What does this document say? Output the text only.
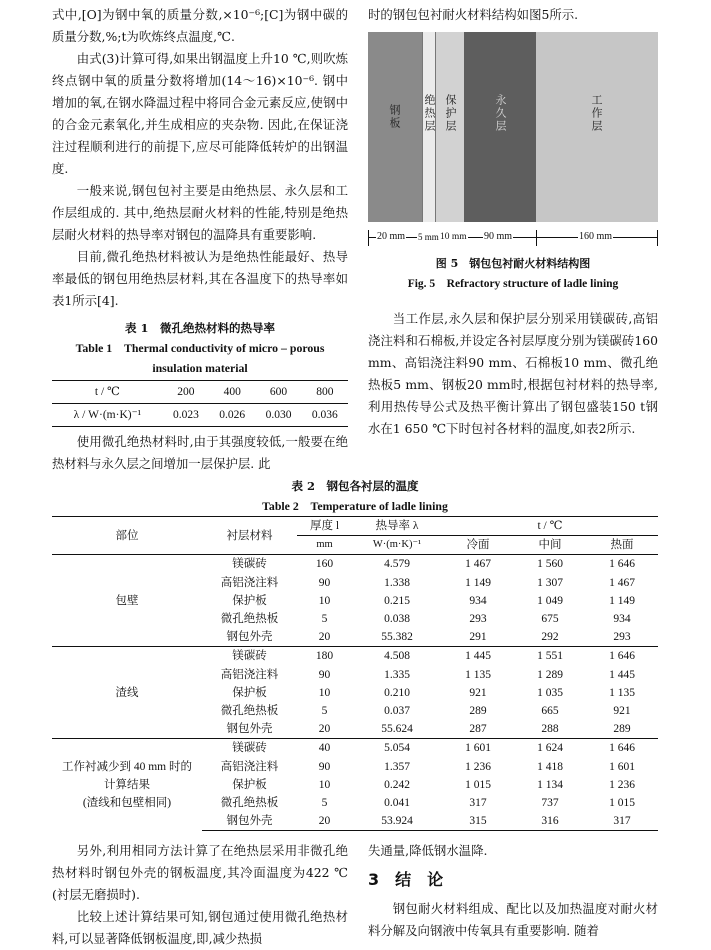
式中,[O]为钢中氧的质量分数,×10⁻⁶;[C]为钢中碳的质量分数,%;t为吹炼终点温度,℃.

由式(3)计算可得,如果出钢温度上升10 ℃,则吹炼终点钢中氧的质量分数将增加(14～16)×10⁻⁶. 钢中增加的氧,在钢水降温过程中将同合金元素反应,使钢中的合金元素氧化,并生成相应的夹杂物. 因此,在保证浇注过程顺利进行的前提下,应尽可能降低转炉的出钢温度.

一般来说,钢包包衬主要是由绝热层、永久层和工作层组成的. 其中,绝热层耐火材料的性能,特别是绝热层耐火材料的热导率对钢包的温降具有重要影响.

目前,微孔绝热材料被认为是绝热性能最好、热导率最低的钢包用绝热层材料,其在各温度下的热导率如表1所示[4].

表 1　微孔绝热材料的热导率
Table 1　Thermal conductivity of micro – porous
insulation material
t / ℃	200	400	600	800
λ / W·(m·K)⁻¹	0.023	0.026	0.030	0.036

使用微孔绝热材料时,由于其强度较低,一般要在绝热材料与永久层之间增加一层保护层. 此

时的钢包包衬耐火材料结构如图5所示.

钢板 绝热层 保护层	永久层	工作层
20 mm 5 mm 10 mm 90 mm	160 mm
图 5　钢包包衬耐火材料结构图
Fig. 5　Refractory structure of ladle lining

当工作层,永久层和保护层分别采用镁碳砖,高铝浇注料和石棉板,并设定各衬层厚度分别为镁碳砖160 mm、高铝浇注料90 mm、石棉板10 mm、微孔绝热板5 mm、钢板20 mm时,根据包衬材料的热导率,利用热传导公式及热平衡计算出了钢包盛装150 t钢水在1 650 ℃下时包衬各材料的温度,如表2所示.

表 2　钢包各衬层的温度
Table 2　Temperature of ladle lining
部位	衬层材料	厚度 l	热导率 λ	t / ℃		
		mm	W·(m·K)⁻¹	冷面	中间	热面

包壁	镁碳砖	160	4.579	1 467	1 560	1 646
	高铝浇注料	90	1.338	1 149	1 307	1 467
	保护板	10	0.215	934	1 049	1 149
	微孔绝热板	5	0.038	293	675	934
	钢包外壳	20	55.382	291	292	293

渣线	镁碳砖	180	4.508	1 445	1 551	1 646
	高铝浇注料	90	1.335	1 135	1 289	1 445
	保护板	10	0.210	921	1 035	1 135
	微孔绝热板	5	0.037	289	665	921
	钢包外壳	20	55.624	287	288	289

工作衬减少到 40 mm 时的
计算结果
(渣线和包壁相同)	镁碳砖	40	5.054	1 601	1 624	1 646
	高铝浇注料	90	1.357	1 236	1 418	1 601
	保护板	10	0.242	1 015	1 134	1 236
	微孔绝热板	5	0.041	317	737	1 015
	钢包外壳	20	53.924	315	316	317

另外,利用相同方法计算了在绝热层采用非微孔绝热材料时钢包外壳的钢板温度,其冷面温度为422 ℃(衬层无磨损时).

比较上述计算结果可知,钢包通过使用微孔绝热材料,可以显著降低钢板温度,即,减少热损

失通量,降低钢水温降.

3　结　论

钢包耐火材料组成、配比以及加热温度对耐火材料分解及向钢液中传氧具有重要影响. 随着
